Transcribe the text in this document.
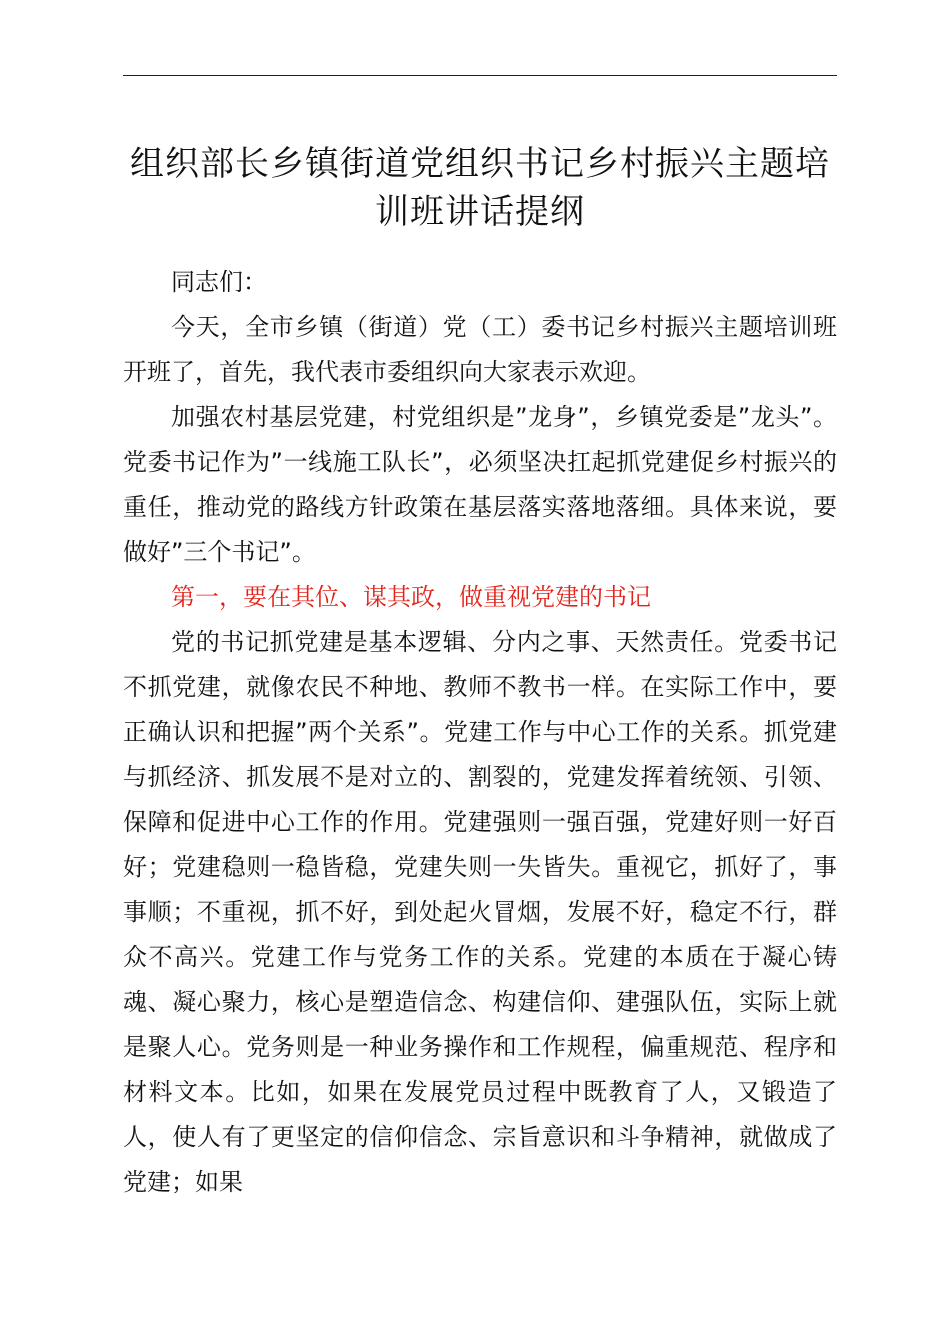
组织部长乡镇街道党组织书记乡村振兴主题培训班讲话提纲

同志们：

今天，全市乡镇（街道）党（工）委书记乡村振兴主题培训班开班了，首先，我代表市委组织向大家表示欢迎。

加强农村基层党建，村党组织是”龙身”，乡镇党委是”龙头”。党委书记作为”一线施工队长”，必须坚决扛起抓党建促乡村振兴的重任，推动党的路线方针政策在基层落实落地落细。具体来说，要做好”三个书记”。

第一，要在其位、谋其政，做重视党建的书记

党的书记抓党建是基本逻辑、分内之事、天然责任。党委书记不抓党建，就像农民不种地、教师不教书一样。在实际工作中，要正确认识和把握”两个关系”。党建工作与中心工作的关系。抓党建与抓经济、抓发展不是对立的、割裂的，党建发挥着统领、引领、保障和促进中心工作的作用。党建强则一强百强，党建好则一好百好；党建稳则一稳皆稳，党建失则一失皆失。重视它，抓好了，事事顺；不重视，抓不好，到处起火冒烟，发展不好，稳定不行，群众不高兴。党建工作与党务工作的关系。党建的本质在于凝心铸魂、凝心聚力，核心是塑造信念、构建信仰、建强队伍，实际上就是聚人心。党务则是一种业务操作和工作规程，偏重规范、程序和材料文本。比如，如果在发展党员过程中既教育了人，又锻造了人，使人有了更坚定的信仰信念、宗旨意识和斗争精神，就做成了党建；如果
